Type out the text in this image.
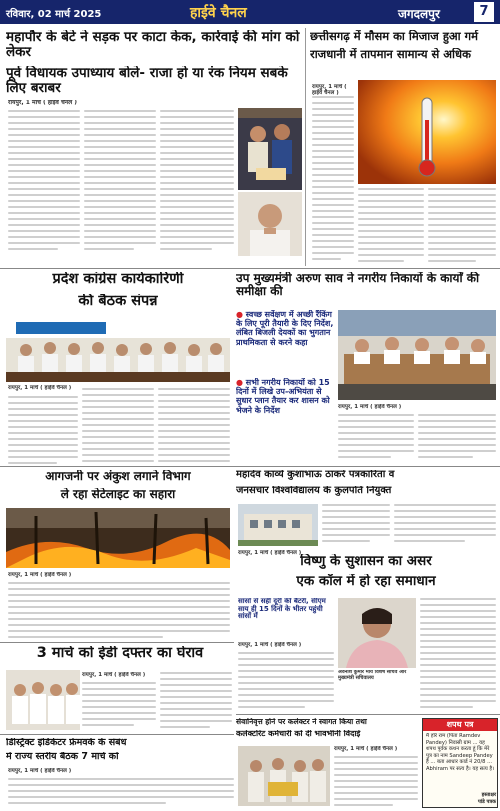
रविवार, 02 मार्च 2025	हाईवे चैनल	जगदलपुर	7
महापौर के बेटे ने सड़क पर काटा केक, कार्रवाई की मांग को लेकर
पूर्व विधायक उपाध्याय बोले- राजा हो या रंक नियम सबके लिए बराबर
रायपुर, 1 मार्च ( हाईवे चैनल )
छत्तीसगढ़ में मौसम का मिजाज हुआ गर्म
राजधानी में तापमान सामान्य से अधिक
रायपुर, 1 मार्च ( हाईवे चैनल )
प्रदेश कांग्रेस कार्यकारिणी
की बैठक संपन्न
रायपुर, 1 मार्च ( हाईवे चैनल )
उप मुख्यमंत्री अरुण साव ने नगरीय निकायों के कार्यों की समीक्षा की
● स्वच्छ सर्वेक्षण में अच्छी रैंकिंग के लिए पूरी तैयारी के दिए निर्देश, लंबित बिजली देयकों का भुगतान प्राथमिकता से करने कहा
● सभी नगरीय निकायों को 15 दिनों में लिखे उप-अभियंता से सुधार प्लान तैयार कर शासन को भेजने के निर्देश	रायपुर, 1 मार्च ( हाईवे चैनल )
आगजनी पर अंकुश लगाने विभाग
ले रहा सेटेलाइट का सहारा
रायपुर, 1 मार्च ( हाईवे चैनल )
महादेव काव्ये कुशाभाऊ ठाकरे पत्रकारिता व
जनसंचार विश्वविद्यालय के कुलपति नियुक्त
रायपुर, 1 मार्च ( हाईवे चैनल )
विष्णु के सुशासन का असर
एक कॉल में हो रहा समाधान
सांसों से सही दूरी की बैटरी, सीएम साय ही 15 दिनों के भीतर पहुंची सांसों में
रायपुर, 1 मार्च ( हाईवे चैनल )
अवनीश कुमार मौर्य विशेष सचिव और मुख्यमंत्री सचिवालय
3 मार्च को ईडी दफ्तर का घेराव
रायपुर, 1 मार्च ( हाईवे चैनल )
डिस्ट्रिक्ट इंडिकेटर फ्रेमवर्क के संबंध
में राज्य स्तरीय बैठक 7 मार्च को
रायपुर, 1 मार्च ( हाईवे चैनल )
सेवानिवृत्त होने पर कलेक्टर ने स्वागत किया तथा
कलेक्टोरेट कर्मचारी को दी भावभीनी विदाई
रायपुर, 1 मार्च ( हाईवे चैनल )
शपथ पत्र
मैं हरि राम (पिता Ramdev Pandey) निवासी ग्राम ... यह शपथ पूर्वक कथन करता हूं कि मेरे पुत्र का नाम Sandeep Pandey है ... बता आधार कार्ड नं 20/8 ... Abhiram पर सत्य है। यह सत्य है।
हस्ताक्षर
पांडे पत्रक
